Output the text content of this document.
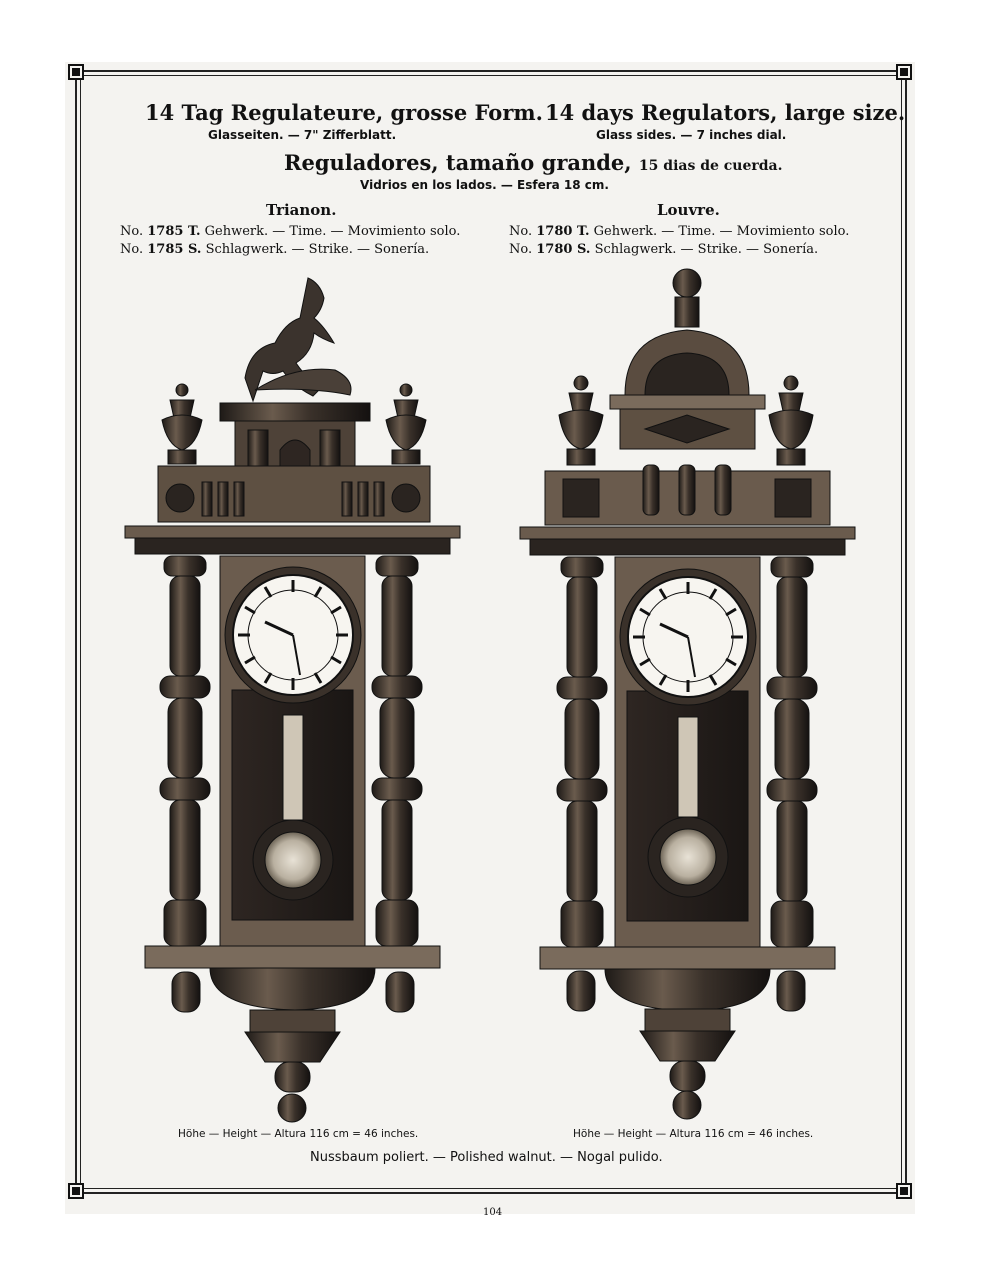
14 Tag Regulateure, grosse Form.
Glasseiten. — 7" Zifferblatt.
14 days Regulators, large size.
Glass sides. — 7 inches dial.
Reguladores, tamaño grande, 15 dias de cuerda.
Vidrios en los lados. — Esfera 18 cm.
Trianon.
No. 1785 T. Gehwerk. — Time. — Movimiento solo.
No. 1785 S. Schlagwerk. — Strike. — Sonería.
Louvre.
No. 1780 T. Gehwerk. — Time. — Movimiento solo.
No. 1780 S. Schlagwerk. — Strike. — Sonería.
Höhe — Height — Altura 116 cm = 46 inches.	Höhe — Height — Altura 116 cm = 46 inches.
Nussbaum poliert. — Polished walnut. — Nogal pulido.
104
